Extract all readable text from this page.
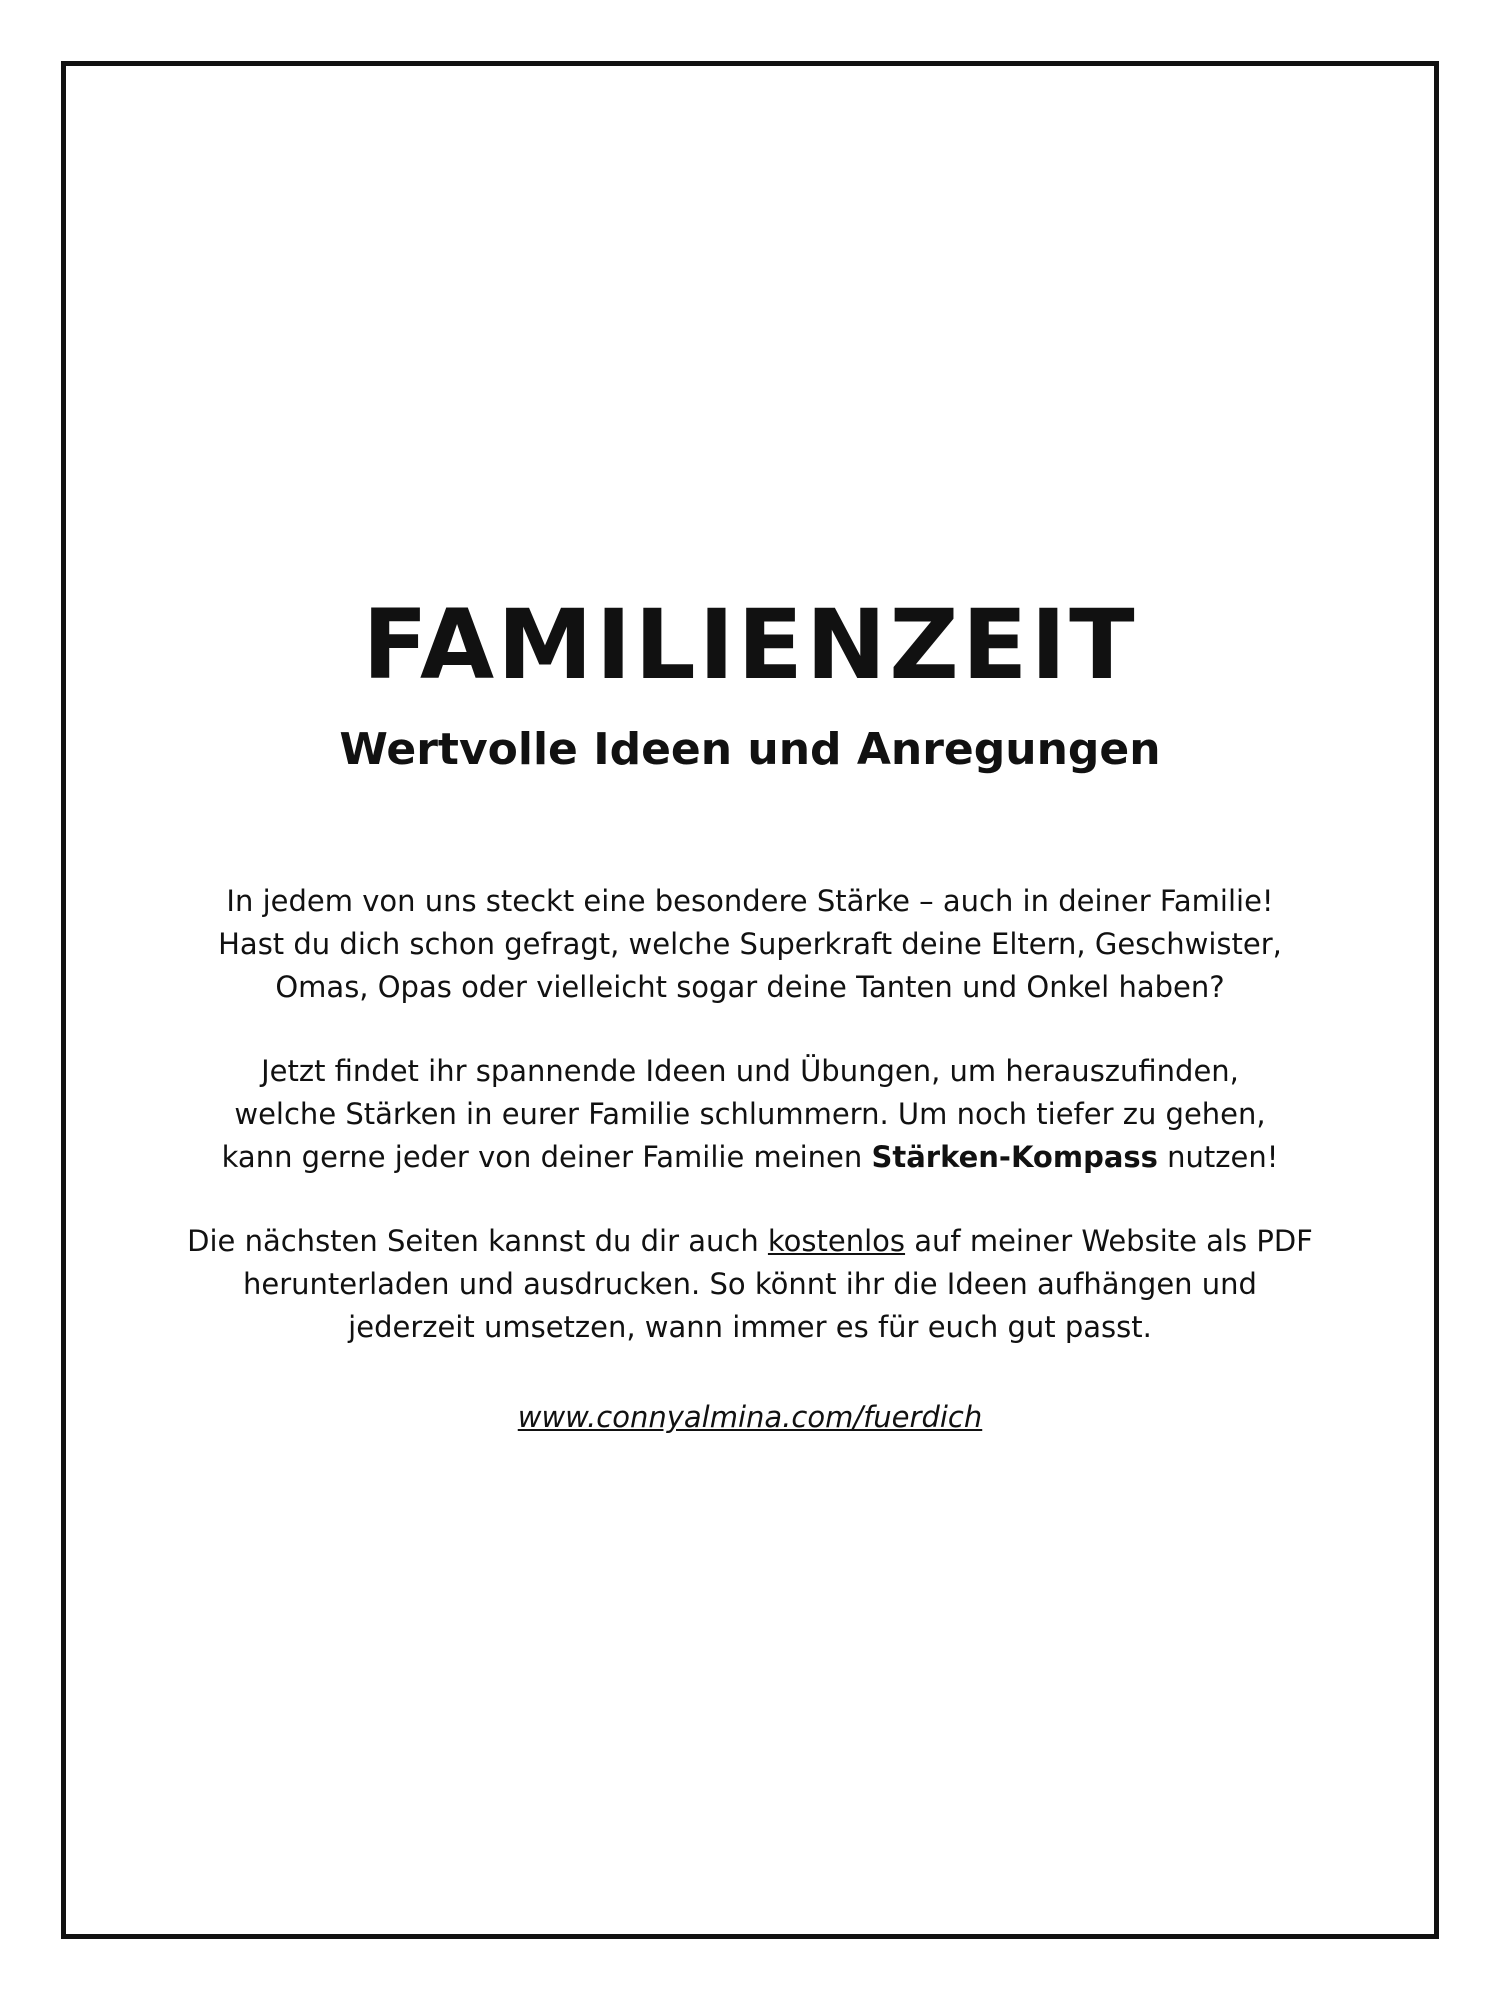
FAMILIENZEIT
Wertvolle Ideen und Anregungen

In jedem von uns steckt eine besondere Stärke – auch in deiner Familie!
Hast du dich schon gefragt, welche Superkraft deine Eltern, Geschwister,
Omas, Opas oder vielleicht sogar deine Tanten und Onkel haben?

Jetzt findet ihr spannende Ideen und Übungen, um herauszufinden,
welche Stärken in eurer Familie schlummern. Um noch tiefer zu gehen,
kann gerne jeder von deiner Familie meinen Stärken-Kompass nutzen!

Die nächsten Seiten kannst du dir auch kostenlos auf meiner Website als PDF
herunterladen und ausdrucken. So könnt ihr die Ideen aufhängen und
jederzeit umsetzen, wann immer es für euch gut passt.

www.connyalmina.com/fuerdich
